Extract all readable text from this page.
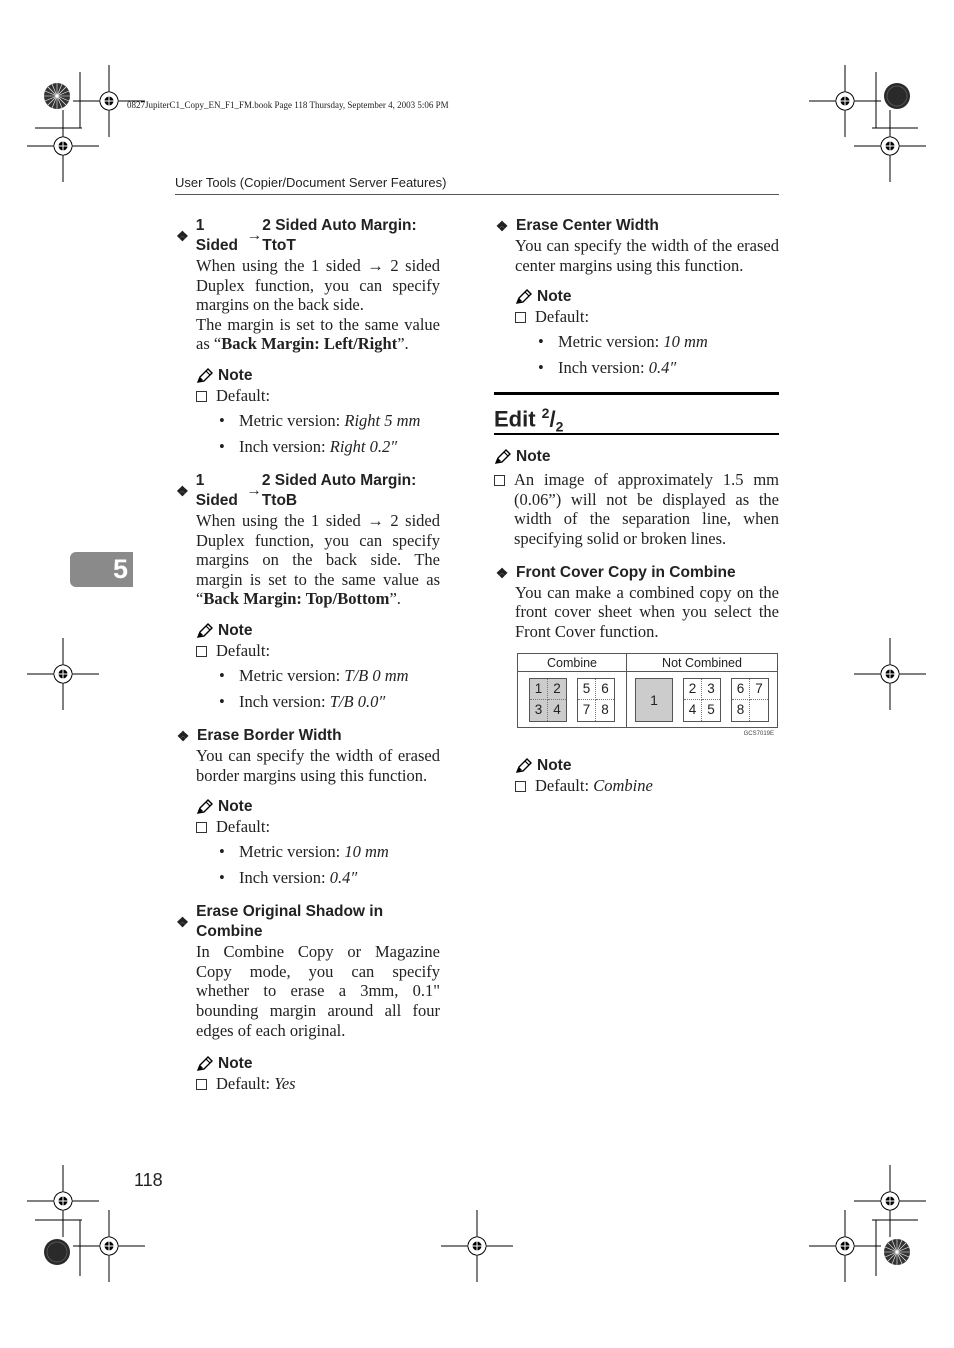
0827JupiterC1_Copy_EN_F1_FM.book Page 118 Thursday, September 4, 2003 5:06 PM
User Tools (Copier/Document Server Features)
5
118
❖
1 Sided
→
2 Sided Auto Margin: TtoT

When using the 1 sided → 2 sided Duplex function, you can specify margins on the back side.
The margin is set to the same value as “Back Margin: Left/Right”.

Note
Default:
• Metric version: Right 5 mm
• Inch version: Right 0.2″
❖
1 Sided
→
2 Sided Auto Margin: TtoB

When using the 1 sided → 2 sided Duplex function, you can specify margins on the back side. The margin is set to the same value as “Back Margin: Top/Bottom”.

Note
Default:
• Metric version: T/B 0 mm
• Inch version: T/B 0.0″
❖ Erase Border Width

You can specify the width of erased border margins using this function.

Note
Default:
• Metric version: 10 mm
• Inch version: 0.4″
❖
Erase Original Shadow in Combine

In Combine Copy or Magazine Copy mode, you can specify whether to erase a 3mm, 0.1" bounding margin around all four edges of each original.

Note
Default: Yes
❖ Erase Center Width

You can specify the width of the erased center margins using this function.

Note
Default:
• Metric version: 10 mm
• Inch version: 0.4″
Edit $^2/_2$
Note
An image of approximately 1.5 mm (0.06”) will not be displayed as the width of the separation line, when specifying solid or broken lines.
❖ Front Cover Copy in Combine

You can make a combined copy on the front cover sheet when you select the Front Cover function.

Combine	Not Combined
1 2
3 4
5 6
7 8
1
2 3
4 5
6 7
8
GCS7019E
Note
Default: Combine
